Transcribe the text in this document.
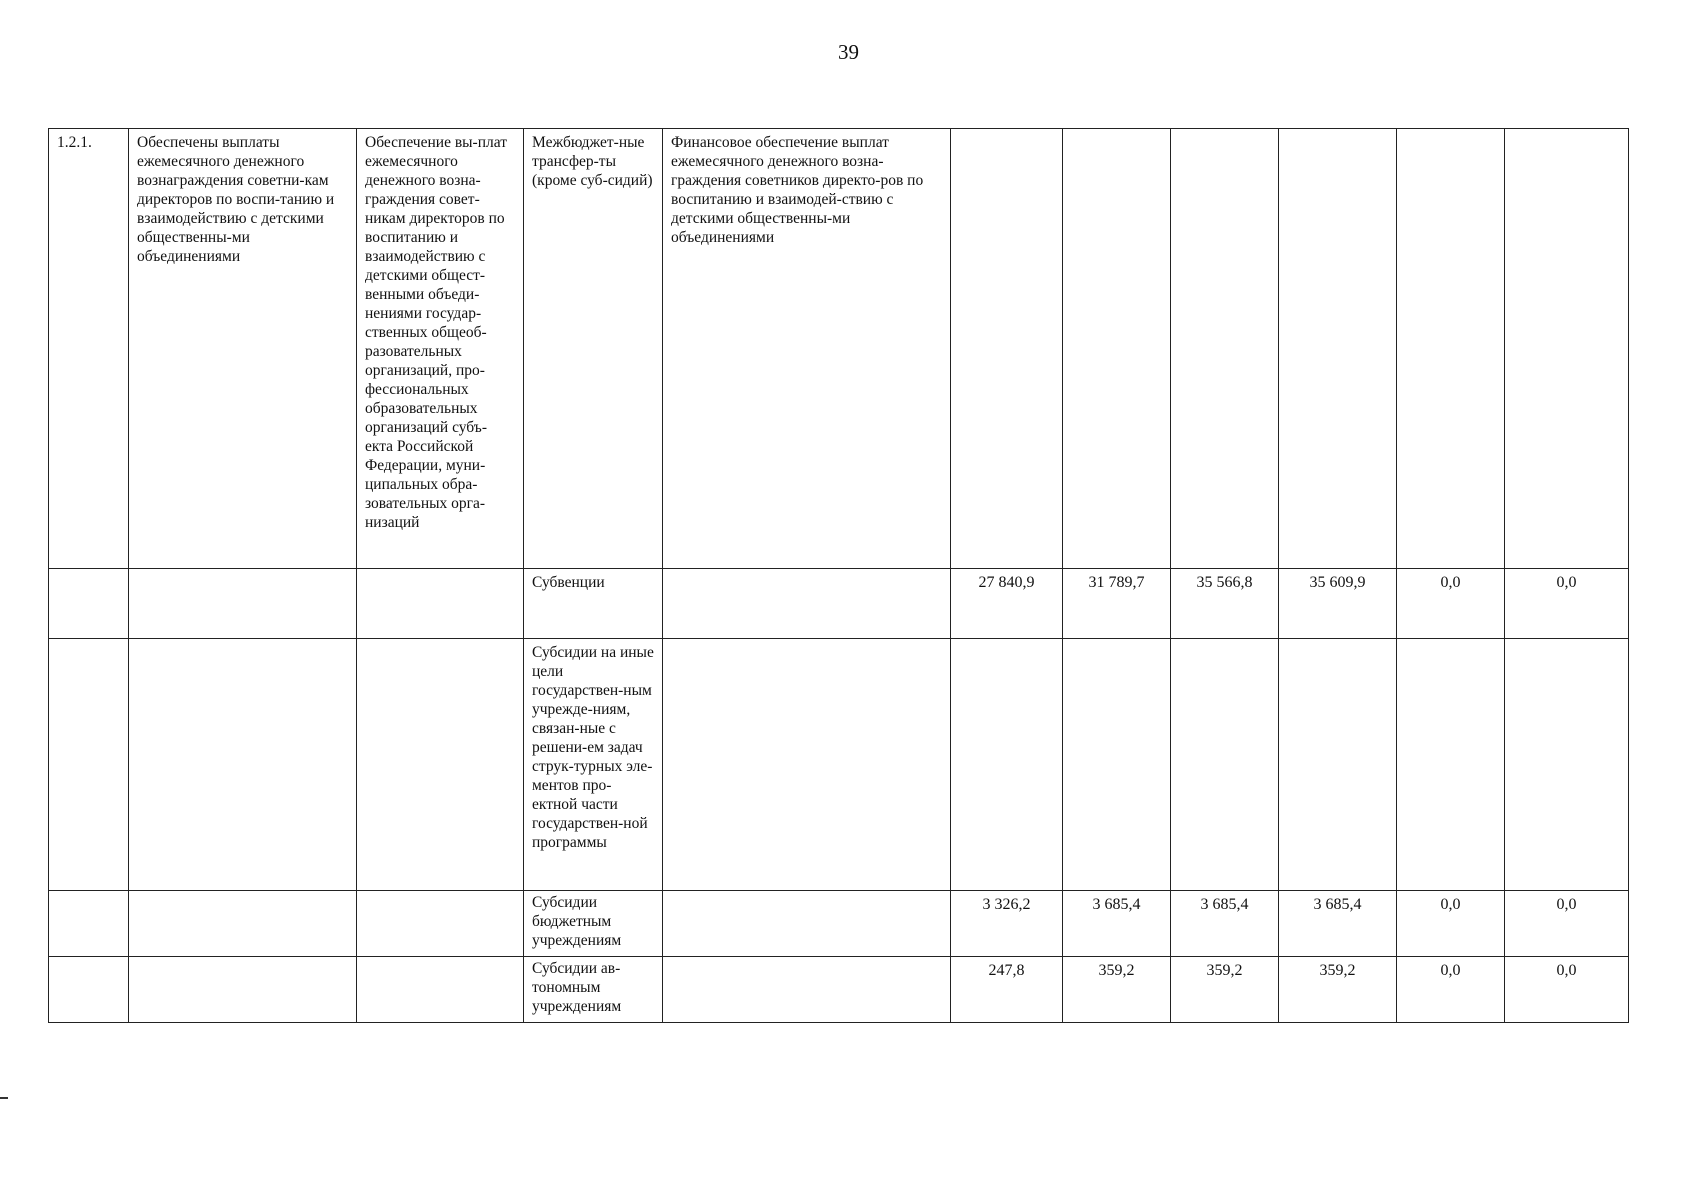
39
1.2.1.	Обеспечены выплаты ежемесячного денежного вознаграждения советни-кам директоров по воспи-танию и взаимодействию с детскими общественны-ми объединениями	Обеспечение вы-плат ежемесячного денежного возна-граждения совет-никам директоров по воспитанию и взаимодействию с детскими общест-венными объеди-нениями государ-ственных общеоб-разовательных организаций, про-фессиональных образовательных организаций субъ-екта Российской Федерации, муни-ципальных обра-зовательных орга-низаций	Межбюджет-ные трансфер-ты (кроме суб-сидий)	Финансовое обеспечение выплат ежемесячного денежного возна-граждения советников директо-ров по воспитанию и взаимодей-ствию с детскими общественны-ми объединениями						
			Субвенции		27 840,9	31 789,7	35 566,8	35 609,9	0,0	0,0
			Субсидии на иные цели государствен-ным учрежде-ниям, связан-ные с решени-ем задач струк-турных эле-ментов про-ектной части государствен-ной программы							
			Субсидии бюджетным учреждениям		3 326,2	3 685,4	3 685,4	3 685,4	0,0	0,0
			Субсидии ав-тономным учреждениям		247,8	359,2	359,2	359,2	0,0	0,0
